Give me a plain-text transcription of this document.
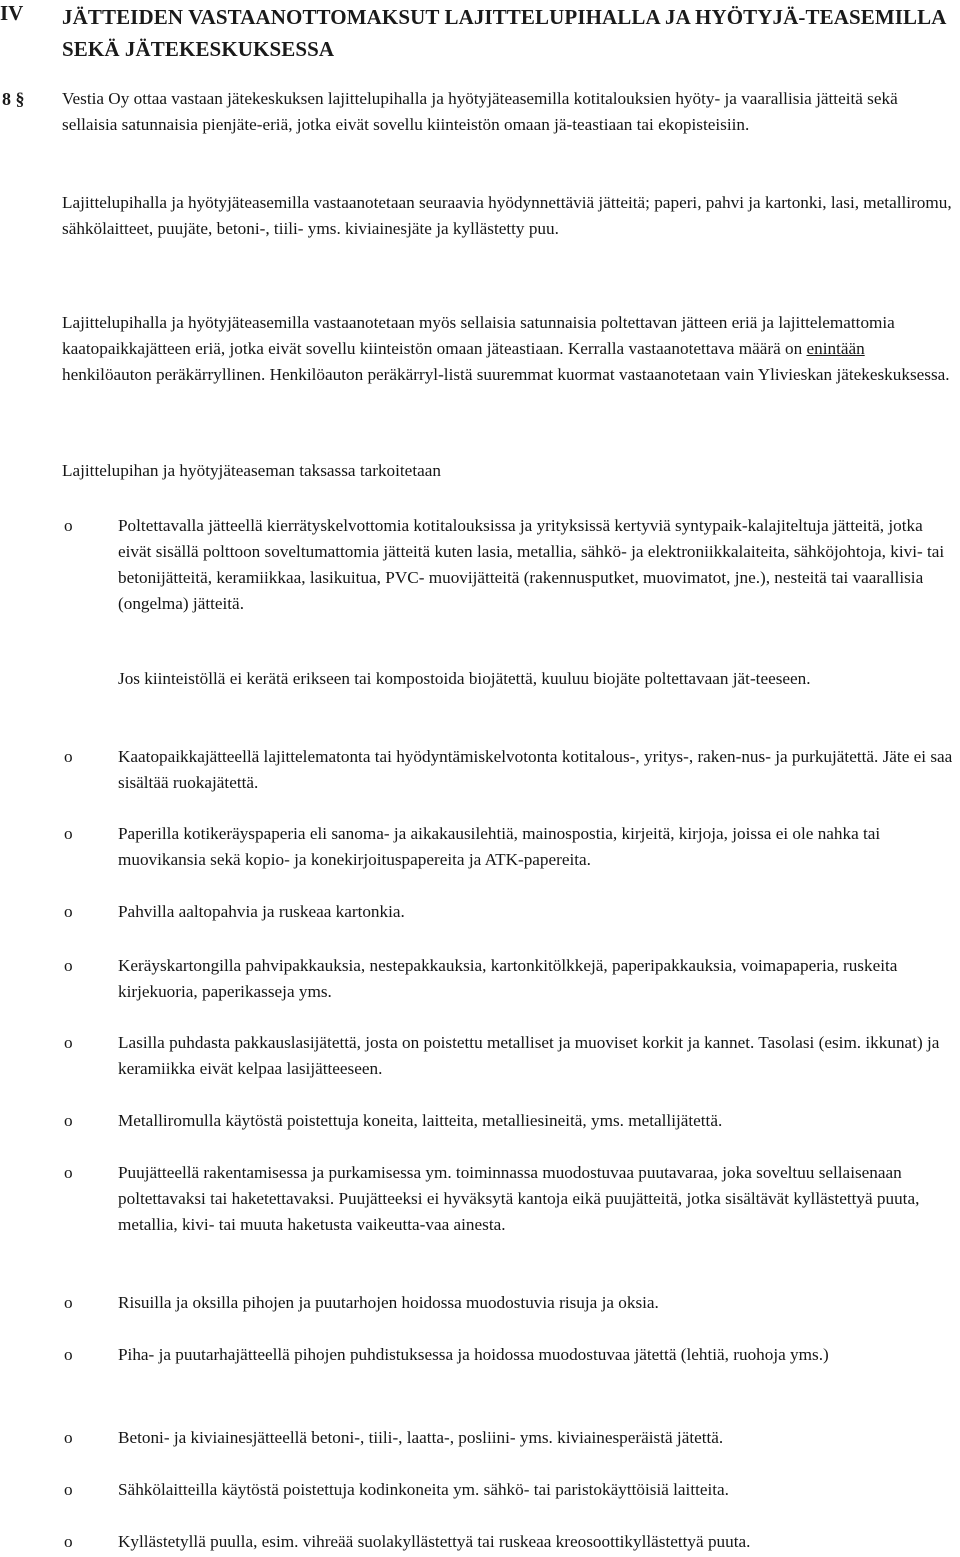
IV JÄTTEIDEN VASTAANOTTOMAKSUT LAJITTELUPIHALLA JA HYÖTYJÄ-TEASEMILLA SEKÄ JÄTEKESKUKSESSA
8 § Vestia Oy ottaa vastaan jätekeskuksen lajittelupihalla ja hyötyjäteasemilla kotitalouksien hyöty- ja vaarallisia jätteitä sekä sellaisia satunnaisia pienjäte-eriä, jotka eivät sovellu kiinteistön omaan jä-teastiaan tai ekopisteisiin.

Lajittelupihalla ja hyötyjäteasemilla vastaanotetaan seuraavia hyödynnettäviä jätteitä; paperi, pahvi ja kartonki, lasi, metalliromu, sähkölaitteet, puujäte, betoni-, tiili- yms. kiviainesjäte ja kyllästetty puu.

Lajittelupihalla ja hyötyjäteasemilla vastaanotetaan myös sellaisia satunnaisia poltettavan jätteen eriä ja lajittelemattomia kaatopaikkajätteen eriä, jotka eivät sovellu kiinteistön omaan jäteastiaan. Kerralla vastaanotettava määrä on enintään henkilöauton peräkärryllinen. Henkilöauton peräkärryl-listä suuremmat kuormat vastaanotetaan vain Ylivieskan jätekeskuksessa.

Lajittelupihan ja hyötyjäteaseman taksassa tarkoitetaan

o	Poltettavalla jätteellä kierrätyskelvottomia kotitalouksissa ja yrityksissä kertyviä syntypaik-kalajiteltuja jätteitä, jotka eivät sisällä polttoon soveltumattomia jätteitä kuten lasia, metallia, sähkö- ja elektroniikkalaiteita, sähköjohtoja, kivi- tai betonijätteitä, keramiikkaa, lasikuitua, PVC- muovijätteitä (rakennusputket, muovimatot, jne.), nesteitä tai vaarallisia (ongelma) jätteitä.

Jos kiinteistöllä ei kerätä erikseen tai kompostoida biojätettä, kuuluu biojäte poltettavaan jät-teeseen.

o	Kaatopaikkajätteellä lajittelematonta tai hyödyntämiskelvotonta kotitalous-, yritys-, raken-nus- ja purkujätettä. Jäte ei saa sisältää ruokajätettä.

o	Paperilla kotikeräyspaperia eli sanoma- ja aikakausilehtiä, mainospostia, kirjeitä, kirjoja, joissa ei ole nahka tai muovikansia sekä kopio- ja konekirjoituspapereita ja ATK-papereita.

o	Pahvilla aaltopahvia ja ruskeaa kartonkia.

o	Keräyskartongilla pahvipakkauksia, nestepakkauksia, kartonkitölkkejä, paperipakkauksia, voimapaperia, ruskeita kirjekuoria, paperikasseja yms.

o	Lasilla puhdasta pakkauslasijätettä, josta on poistettu metalliset ja muoviset korkit ja kannet. Tasolasi (esim. ikkunat) ja keramiikka eivät kelpaa lasijätteeseen.

o	Metalliromulla käytöstä poistettuja koneita, laitteita, metalliesineitä, yms. metallijätettä.

o	Puujätteellä rakentamisessa ja purkamisessa ym. toiminnassa muodostuvaa puutavaraa, joka soveltuu sellaisenaan poltettavaksi tai haketettavaksi. Puujätteeksi ei hyväksytä kantoja eikä puujätteitä, jotka sisältävät kyllästettyä puuta, metallia, kivi- tai muuta haketusta vaikeutta-vaa ainesta.

o	Risuilla ja oksilla pihojen ja puutarhojen hoidossa muodostuvia risuja ja oksia.

o	Piha- ja puutarhajätteellä pihojen puhdistuksessa ja hoidossa muodostuvaa jätettä (lehtiä, ruohoja yms.)

o	Betoni- ja kiviainesjätteellä betoni-, tiili-, laatta-, posliini- yms. kiviainesperäistä jätettä.

o	Sähkölaitteilla käytöstä poistettuja kodinkoneita ym. sähkö- tai paristokäyttöisiä laitteita.

o	Kyllästetyllä puulla, esim. vihreää suolakyllästettyä tai ruskeaa kreosoottikyllästettyä puuta.
